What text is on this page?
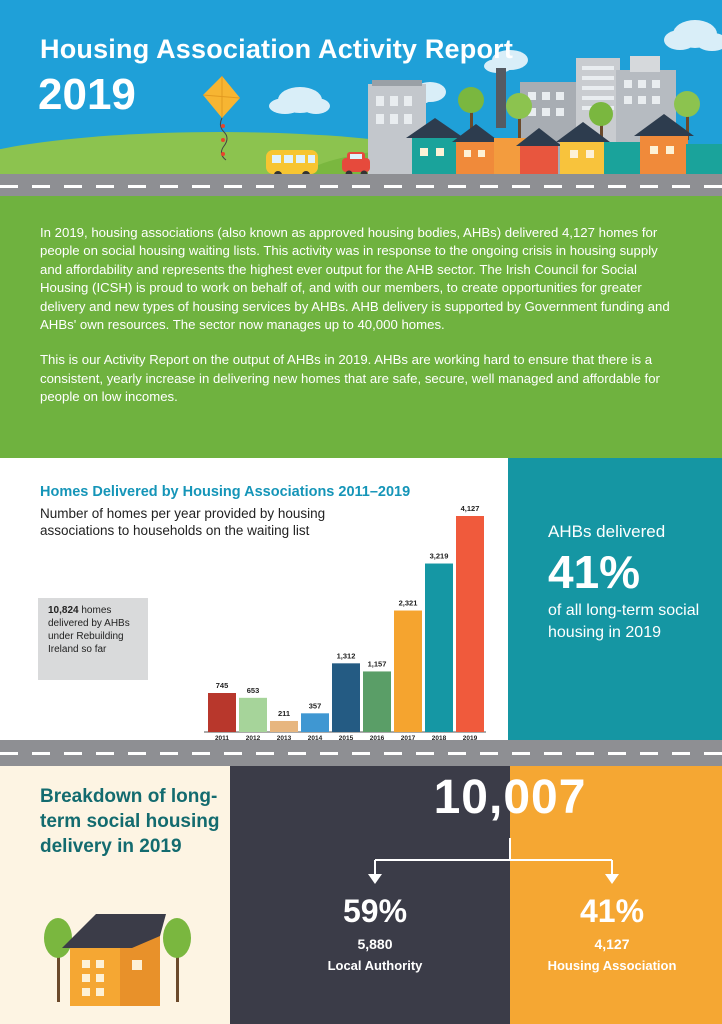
Housing Association Activity Report
2019

In 2019, housing associations (also known as approved housing bodies, AHBs) delivered 4,127 homes for people on social housing waiting lists. This activity was in response to the ongoing crisis in housing supply and affordability and represents the highest ever output for the AHB sector. The Irish Council for Social Housing (ICSH) is proud to work on behalf of, and with our members, to create opportunities for greater delivery and new types of housing services by AHBs. AHB delivery is supported by Government funding and AHBs' own resources. The sector now manages up to 40,000 homes.

This is our Activity Report on the output of AHBs in 2019. AHBs are working hard to ensure that there is a consistent, yearly increase in delivering new homes that are safe, secure, well managed and affordable for people on low incomes.

Homes Delivered by Housing Associations 2011–2019
Number of homes per year provided by housing associations to households on the waiting list
10,824 homes delivered by AHBs under Rebuilding Ireland so far
745
2011
653
2012
211
2013
357
2014
1,312
2015
1,157
2016
2,321
2017
3,219
2018
4,127
2019
AHBs delivered
41%
of all long-term social housing in 2019
Breakdown of long-term social housing delivery in 2019
10,007
59%
5,880
Local Authority
41%
4,127
Housing Association
